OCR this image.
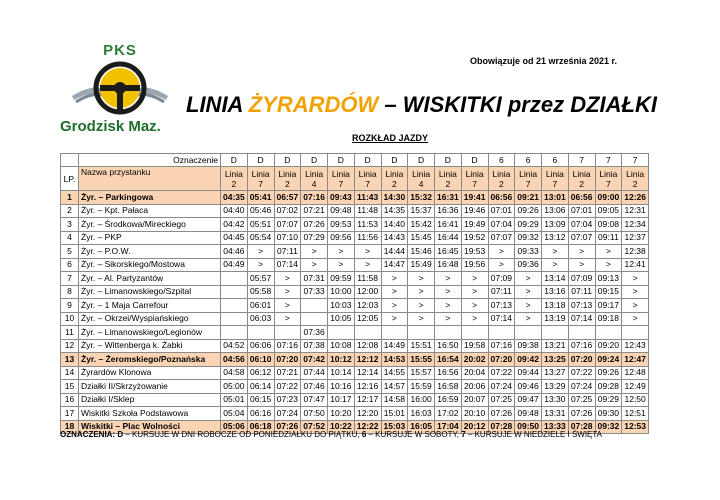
PKS
Grodzisk Maz.
Obowiązuje od 21 września 2021 r.
LINIA ŻYRARDÓW – WISKITKI przez DZIAŁKI
ROZKŁAD JAZDY
	Oznaczenie	D	D	D	D	D	D	D	D	D	D	6	6	6	7	7	7
LP.	Nazwa przystanku	Linia 2	Linia 7	Linia 2	Linia 4	Linia 7	Linia 7	Linia 2	Linia 4	Linia 2	Linia 7	Linia 2	Linia 7	Linia 7	Linia 2	Linia 7	Linia 2
1	Żyr. – Parkingowa	04:35	05:41	06:57	07:16	09:43	11:43	14:30	15:32	16:31	19:41	06:56	09:21	13:01	06:56	09:00	12:26
2	Żyr. – Kpt. Pałaca	04:40	05:46	07:02	07:21	09:48	11:48	14:35	15:37	16:36	19:46	07:01	09:26	13:06	07:01	09:05	12:31
3	Żyr. – Środkowa/Mireckiego	04:42	05:51	07:07	07:26	09:53	11:53	14:40	15:42	16:41	19:49	07:04	09:29	13:09	07:04	09:08	12:34
4	Żyr. – PKP	04:45	05:54	07:10	07:29	09:56	11:56	14:43	15:45	16:44	19:52	07:07	09:32	13:12	07:07	09:11	12:37
5	Żyr. – P.O.W.	04:46	>	07:11	>	>	>	14:44	15:46	16:45	19:53	>	09:33	>	>	>	12:38
6	Żyr. – Sikorskiego/Mostowa	04:49	>	07:14	>	>	>	14:47	15:49	16:48	19:56	>	09:36	>	>	>	12:41
7	Żyr. – Al. Partyzantów		05:57	>	07:31	09:59	11:58	>	>	>	>	07:09	>	13:14	07:09	09:13	>
8	Żyr. – Limanowskiego/Szpital		05:58	>	07:33	10:00	12:00	>	>	>	>	07:11	>	13:16	07:11	09:15	>
9	Żyr. – 1 Maja Carrefour		06:01	>		10:03	12:03	>	>	>	>	07:13	>	13:18	07:13	09:17	>
10	Żyr. – Okrzei/Wyspiańskiego		06:03	>		10:05	12:05	>	>	>	>	07:14	>	13:19	07:14	09:18	>
11	Żyr. – Limanowskiego/Legionów				07:36												
12	Żyr. – Wittenberga k. Żabki	04:52	06:06	07:16	07:38	10:08	12:08	14:49	15:51	16:50	19:58	07:16	09:38	13:21	07:16	09:20	12:43
13	Żyr. – Żeromskiego/Poznańska	04:56	06:10	07:20	07:42	10:12	12:12	14:53	15:55	16:54	20:02	07:20	09:42	13:25	07:20	09:24	12:47
14	Żyrardów Klonowa	04:58	06:12	07:21	07:44	10:14	12:14	14:55	15:57	16:56	20:04	07:22	09:44	13:27	07:22	09:26	12:48
15	Działki II/Skrzyżowanie	05:00	06:14	07:22	07:46	10:16	12:16	14:57	15:59	16:58	20:06	07:24	09:46	13:29	07:24	09:28	12:49
16	Działki I/Sklep	05:01	06:15	07:23	07:47	10:17	12:17	14:58	16:00	16:59	20:07	07:25	09:47	13:30	07:25	09:29	12:50
17	Wiskitki Szkoła Podstawowa	05:04	06:16	07:24	07:50	10:20	12:20	15:01	16:03	17:02	20:10	07:26	09:48	13:31	07:26	09:30	12:51
18	Wiskitki – Plac Wolności	05:06	06:18	07:26	07:52	10:22	12:22	15:03	16:05	17:04	20:12	07:28	09:50	13:33	07:28	09:32	12:53
OZNACZENIA: D – KURSUJE W DNI ROBOCZE OD PONIEDZIAŁKU DO PIĄTKU, 6 – KURSUJE W SOBOTY, 7 – KURSUJE W NIEDZIELE I ŚWIĘTA
